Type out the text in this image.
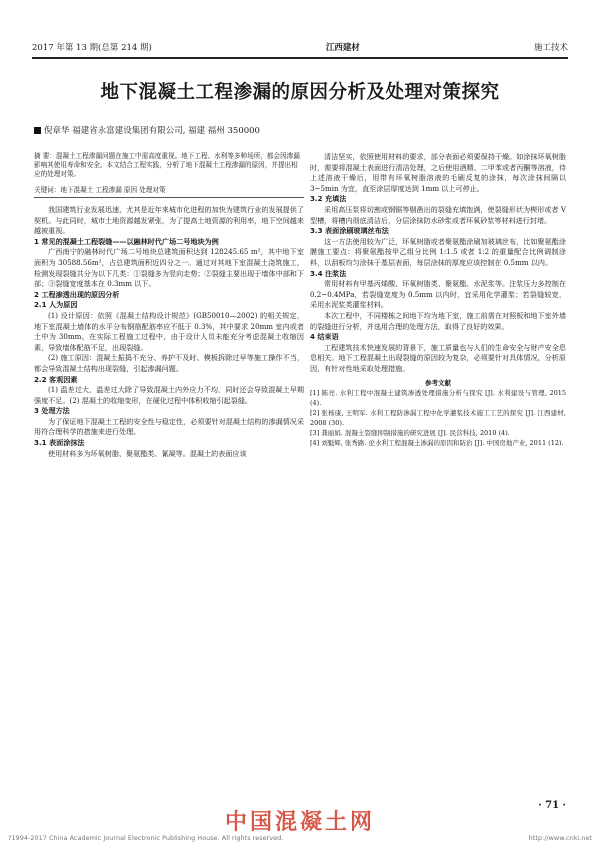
2017 年第 13 期(总第 214 期)	江西建材	施工技术
地下混凝土工程渗漏的原因分析及处理对策探究
倪章华 福建省永富建设集团有限公司, 福建 福州 350000
摘 要：混凝土工程渗漏问题在施工中需高度重视。地下工程、水利等多种场所，都会因渗漏影响其使用寿命和安全。本文结合工程实践，分析了地下混凝土工程渗漏的原因，并提出相应的处理对策。
关键词：地下混凝土 工程渗漏 原因 处理对策

我国建筑行业发展迅速，尤其是近年来城市化进程的加快为建筑行业的发展提供了契机。与此同时，城市土地资源越发紧张，为了提高土地资源的利用率，地下空间越来越被重视。

1 常见的混凝土工程裂缝——以融林时代广场二号地块为例

广西南宁的融林时代广场二号地块总建筑面积达到 128245.65 m²，其中地下室面积为 30588.56m²，占总建筑面积近四分之一。通过对其地下室混凝土浇筑施工，检测发现裂缝共分为以下几类：①裂缝多为竖向走势；②裂缝主要出现于墙体中部和下部；③裂缝宽度基本在 0.3mm 以下。

2 工程渗透出现的原因分析

2.1 人为原因

(1) 设计原因：依照《混凝土结构设计规范》(GB50010—2002) 的相关规定，地下室混凝土墙体的水平分布钢筋配筋率应不低于 0.3%，其中要求 20mm 室内或者土中为 30mm。在实际工程施工过程中，由于设计人员未能充分考虑混凝土收缩因素，导致墙体配筋不足，出现裂缝。

(2) 施工原因：混凝土振捣不充分、养护不及时、模板拆除过早等施工操作不当，都会导致混凝土结构出现裂缝，引起渗漏问题。

2.2 客观因素

(1) 温差过大，温差过大除了导致混凝土内外应力不均，同时还会导致混凝土早期强度不足。(2) 混凝土的收缩变形，在硬化过程中体积收缩引起裂缝。

3 处理方法

为了保证地下混凝土工程的安全性与稳定性，必须要针对混凝土结构的渗漏情况采用符合理科学的措施来进行处理。

3.1 表面涂抹法

使用材料多为环氧树脂、聚氨酯类、氰凝等。混凝土的表面应该

清洁坚实，依照使用材料的要求，部分表面必须要保持干燥。如涂抹环氧树脂时，需要将混凝土表面进行清洁处理，之后使用酒精、二甲苯或者丙酮等溶液，待上述溶液干燥后，用带有环氧树脂溶液的毛刷反复的涂抹，每次涂抹间隔以 3~5min 为宜，直至涂层厚度达到 1mm 以上可停止。

3.2 充填法

采用高压泵将切割或钢锯等剔凿出的裂缝充填饱满，使裂缝形状为楔形或者 V 型槽，将槽内彻底清洁后，分层涂抹防水砂浆或者环氧砂浆等材料进行封堵。

3.3 表面涂刷玻璃丝布法

这一方法使用较为广泛，环氧树脂或者聚氨酯涂刷加玻璃丝布，比如聚氨酯涂膜施工要点：将聚氨酯按甲乙组分比例 1:1.5 或者 1:2 的重量配合比例调制涂料，以刮板均匀涂抹于基层表面，每层涂抹的厚度应该控制在 0.5mm 以内。

3.4 注浆法

常用材料有甲基丙烯酸、环氧树脂类、聚氨酯、水泥浆等。注浆压力多控制在 0.2~0.4MPa，若裂缝宽度为 0.5mm 以内时，宜采用化学灌浆；若裂缝较宽，采用水泥浆类灌浆材料。

本次工程中，不同楼栋之间地下均为地下室，施工前需在对照板和地下室外墙的裂缝进行分析，并选用合理的处理方法，取得了良好的效果。

4 结束语

工程建筑技术快速发展的背景下，施工质量也与人们的生命安全与财产安全息息相关。地下工程混凝土出现裂缝的原因较为复杂，必须要针对具体情况，分析原因，有针对性地采取处理措施。

参考文献

[1] 陈亮. 水利工程中混凝土建筑渗透处理措施分析与探究 [J]. 水利建设与管理, 2015 (4).

[2] 张杨康, 王明军. 水利工程防渗漏工程中化学灌浆技术施工工艺的探究 [J]. 江西建材, 2008 (30).

[3] 龚丽娟. 混凝土裂缝抑制措施的研究进展 [J]. 民营科技, 2010 (4).

[4] 刘魁辉, 张秀路. 论水利工程混凝土渗漏的原因和防治 [J]. 中国房地产业, 2011 (12).

· 71 ·
中国混凝土网
?1994-2017 China Academic Journal Electronic Publishing House. All rights reserved.	http://www.cnki.net
